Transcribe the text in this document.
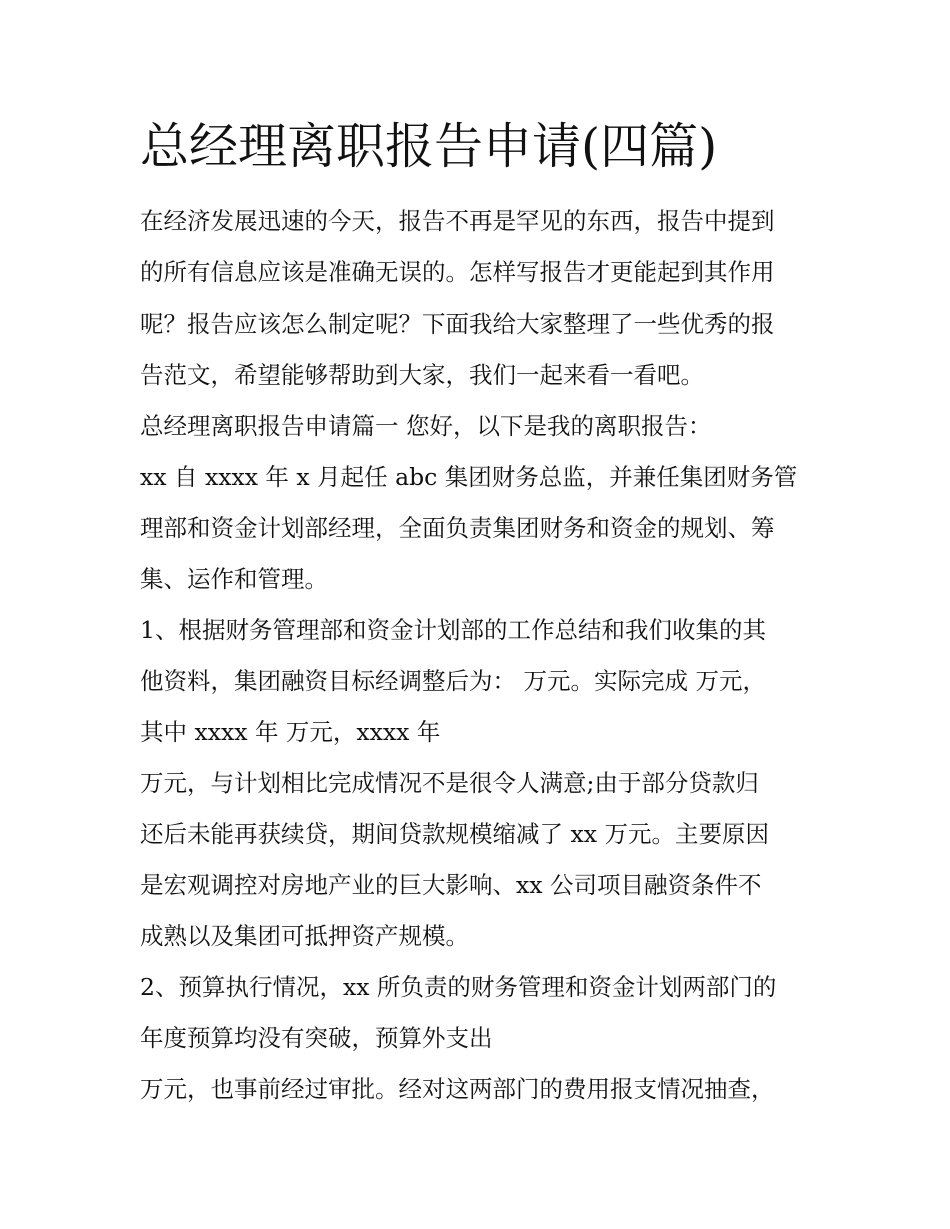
总经理离职报告申请(四篇)
在经济发展迅速的今天，报告不再是罕见的东西，报告中提到
的所有信息应该是准确无误的。怎样写报告才更能起到其作用
呢？报告应该怎么制定呢？下面我给大家整理了一些优秀的报
告范文，希望能够帮助到大家，我们一起来看一看吧。
总经理离职报告申请篇一 您好，以下是我的离职报告：
xx 自 xxxx 年 x 月起任 abc 集团财务总监，并兼任集团财务管
理部和资金计划部经理，全面负责集团财务和资金的规划、筹
集、运作和管理。
1、根据财务管理部和资金计划部的工作总结和我们收集的其
他资料，集团融资目标经调整后为： 万元。实际完成 万元，
其中 xxxx 年 万元，xxxx 年
万元，与计划相比完成情况不是很令人满意;由于部分贷款归
还后未能再获续贷，期间贷款规模缩减了 xx 万元。主要原因
是宏观调控对房地产业的巨大影响、xx 公司项目融资条件不
成熟以及集团可抵押资产规模。
2、预算执行情况，xx 所负责的财务管理和资金计划两部门的
年度预算均没有突破，预算外支出
万元，也事前经过审批。经对这两部门的费用报支情况抽查，
